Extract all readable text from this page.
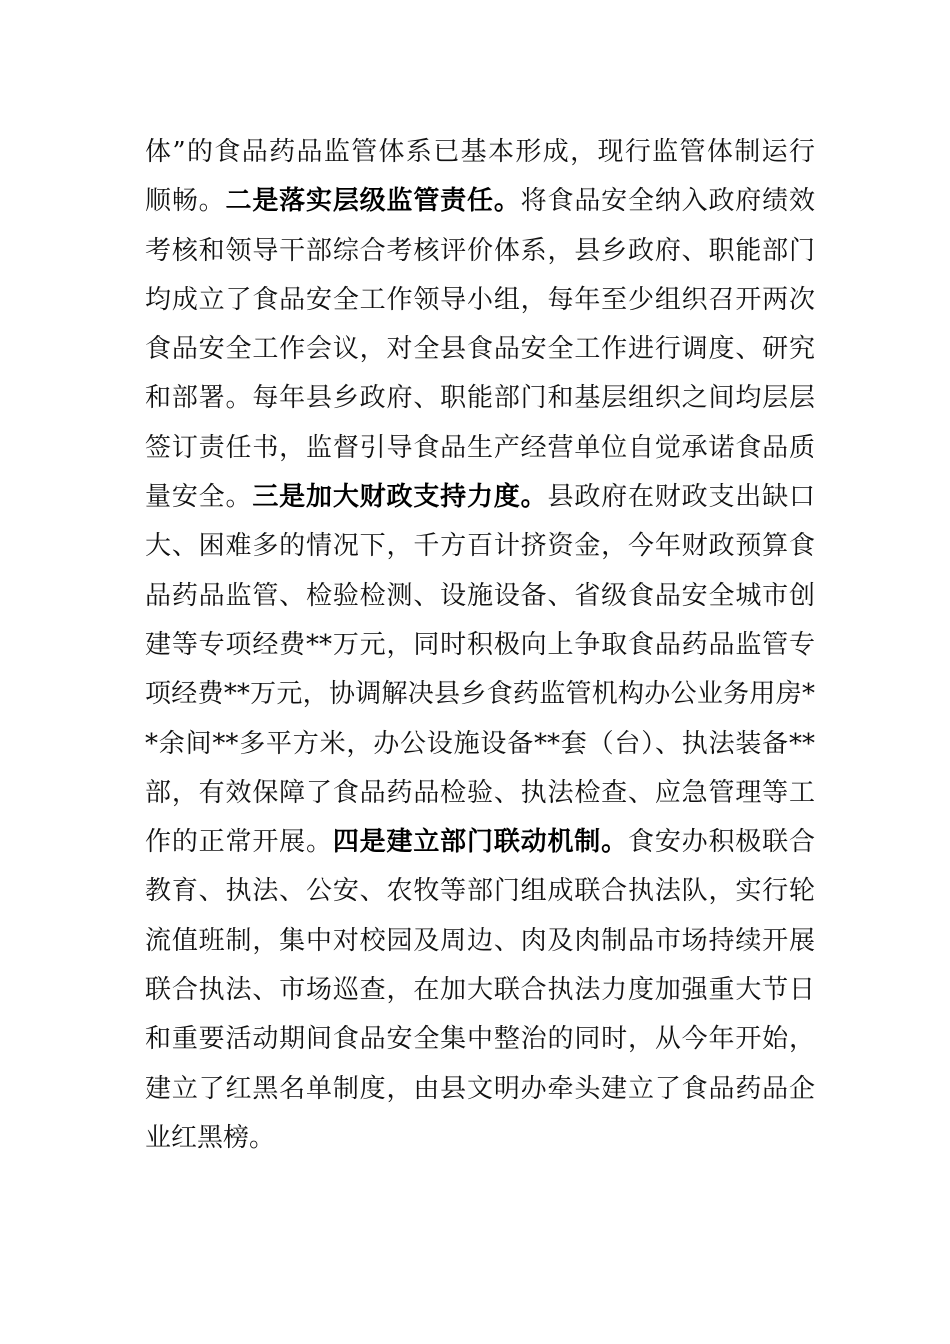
体”的食品药品监管体系已基本形成，现行监管体制运行
顺畅。二是落实层级监管责任。将食品安全纳入政府绩效
考核和领导干部综合考核评价体系，县乡政府、职能部门
均成立了食品安全工作领导小组，每年至少组织召开两次
食品安全工作会议，对全县食品安全工作进行调度、研究
和部署。每年县乡政府、职能部门和基层组织之间均层层
签订责任书，监督引导食品生产经营单位自觉承诺食品质
量安全。三是加大财政支持力度。县政府在财政支出缺口
大、困难多的情况下，千方百计挤资金，今年财政预算食
品药品监管、检验检测、设施设备、省级食品安全城市创
建等专项经费**万元，同时积极向上争取食品药品监管专
项经费**万元，协调解决县乡食药监管机构办公业务用房*
*余间**多平方米，办公设施设备**套（台）、执法装备**
部，有效保障了食品药品检验、执法检查、应急管理等工
作的正常开展。四是建立部门联动机制。食安办积极联合
教育、执法、公安、农牧等部门组成联合执法队，实行轮
流值班制，集中对校园及周边、肉及肉制品市场持续开展
联合执法、市场巡查，在加大联合执法力度加强重大节日
和重要活动期间食品安全集中整治的同时，从今年开始，
建立了红黑名单制度，由县文明办牵头建立了食品药品企
业红黑榜。
